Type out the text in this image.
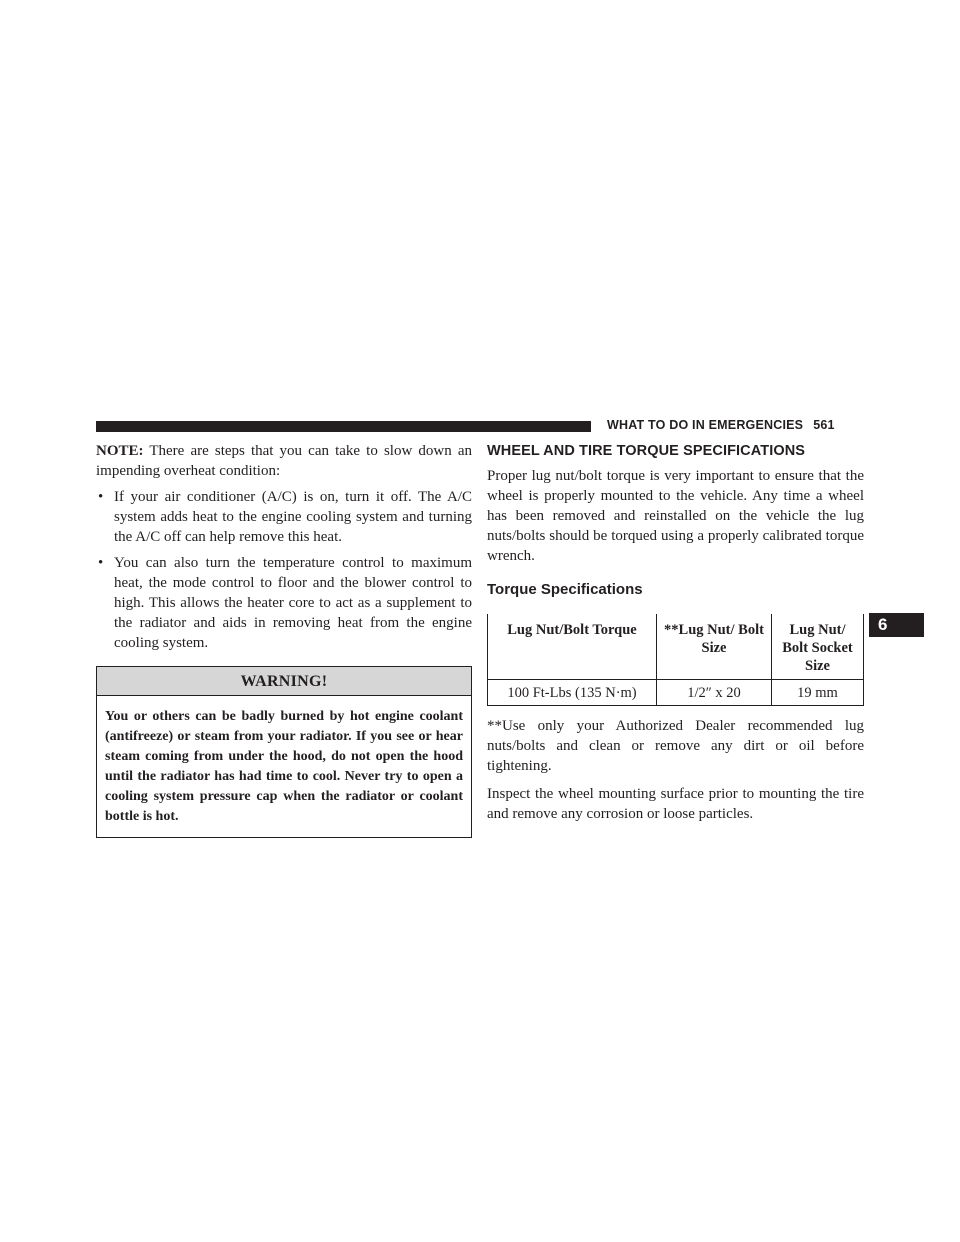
WHAT TO DO IN EMERGENCIES 561
6

NOTE: There are steps that you can take to slow down an impending overheat condition:

• If your air conditioner (A/C) is on, turn it off. The A/C system adds heat to the engine cooling system and turning the A/C off can help remove this heat.
• You can also turn the temperature control to maximum heat, the mode control to floor and the blower control to high. This allows the heater core to act as a supplement to the radiator and aids in removing heat from the engine cooling system.
WARNING!
You or others can be badly burned by hot engine coolant (antifreeze) or steam from your radiator. If you see or hear steam coming from under the hood, do not open the hood until the radiator has had time to cool. Never try to open a cooling system pressure cap when the radiator or coolant bottle is hot.
WHEEL AND TIRE TORQUE SPECIFICATIONS

Proper lug nut/bolt torque is very important to ensure that the wheel is properly mounted to the vehicle. Any time a wheel has been removed and reinstalled on the vehicle the lug nuts/bolts should be torqued using a properly calibrated torque wrench.

Torque Specifications
Lug Nut/Bolt Torque	**Lug Nut/ Bolt Size	Lug Nut/ Bolt Socket Size
100 Ft-Lbs (135 N·m)	1/2″ x 20	19 mm

**Use only your Authorized Dealer recommended lug nuts/bolts and clean or remove any dirt or oil before tightening.

Inspect the wheel mounting surface prior to mounting the tire and remove any corrosion or loose particles.
